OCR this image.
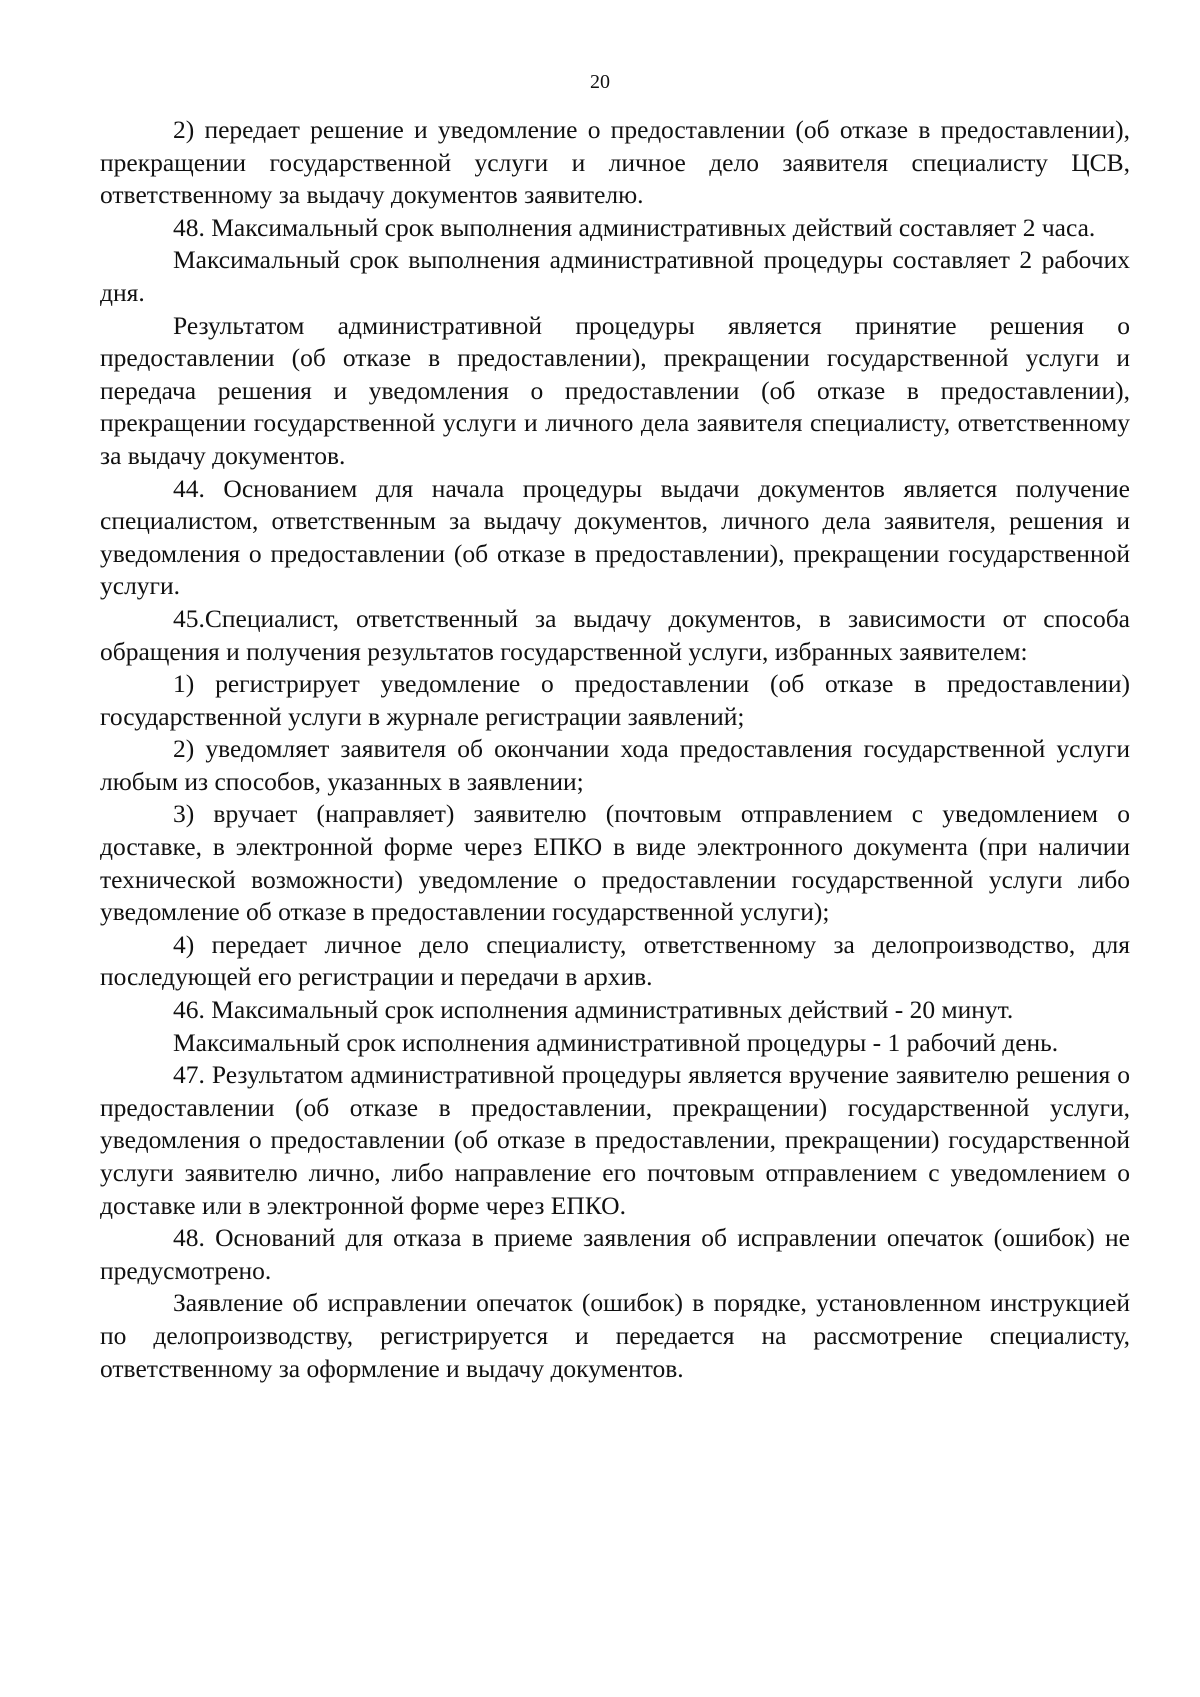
20

2) передает решение и уведомление о предоставлении (об отказе в предоставлении), прекращении государственной услуги и личное дело заявителя специалисту ЦСВ, ответственному за выдачу документов заявителю.

48. Максимальный срок выполнения административных действий составляет 2 часа.

Максимальный срок выполнения административной процедуры составляет 2 рабочих дня.

Результатом административной процедуры является принятие решения о предоставлении (об отказе в предоставлении), прекращении государственной услуги и передача решения и уведомления о предоставлении (об отказе в предоставлении), прекращении государственной услуги и личного дела заявителя специалисту, ответственному за выдачу документов.

44. Основанием для начала процедуры выдачи документов является получение специалистом, ответственным за выдачу документов, личного дела заявителя, решения и уведомления о предоставлении (об отказе в предоставлении), прекращении государственной услуги.

45.Специалист, ответственный за выдачу документов, в зависимости от способа обращения и получения результатов государственной услуги, избранных заявителем:

1) регистрирует уведомление о предоставлении (об отказе в предоставлении) государственной услуги в журнале регистрации заявлений;

2) уведомляет заявителя об окончании хода предоставления государственной услуги любым из способов, указанных в заявлении;

3) вручает (направляет) заявителю (почтовым отправлением с уведомлением о доставке, в электронной форме через ЕПКО в виде электронного документа (при наличии технической возможности) уведомление о предоставлении государственной услуги либо уведомление об отказе в предоставлении государственной услуги);

4) передает личное дело специалисту, ответственному за делопроизводство, для последующей его регистрации и передачи в архив.

46. Максимальный срок исполнения административных действий - 20 минут.

Максимальный срок исполнения административной процедуры - 1 рабочий день.

47. Результатом административной процедуры является вручение заявителю решения о предоставлении (об отказе в предоставлении, прекращении) государственной услуги, уведомления о предоставлении (об отказе в предоставлении, прекращении) государственной услуги заявителю лично, либо направление его почтовым отправлением с уведомлением о доставке или в электронной форме через ЕПКО.

48. Оснований для отказа в приеме заявления об исправлении опечаток (ошибок) не предусмотрено.

Заявление об исправлении опечаток (ошибок) в порядке, установленном инструкцией по делопроизводству, регистрируется и передается на рассмотрение специалисту, ответственному за оформление и выдачу документов.
